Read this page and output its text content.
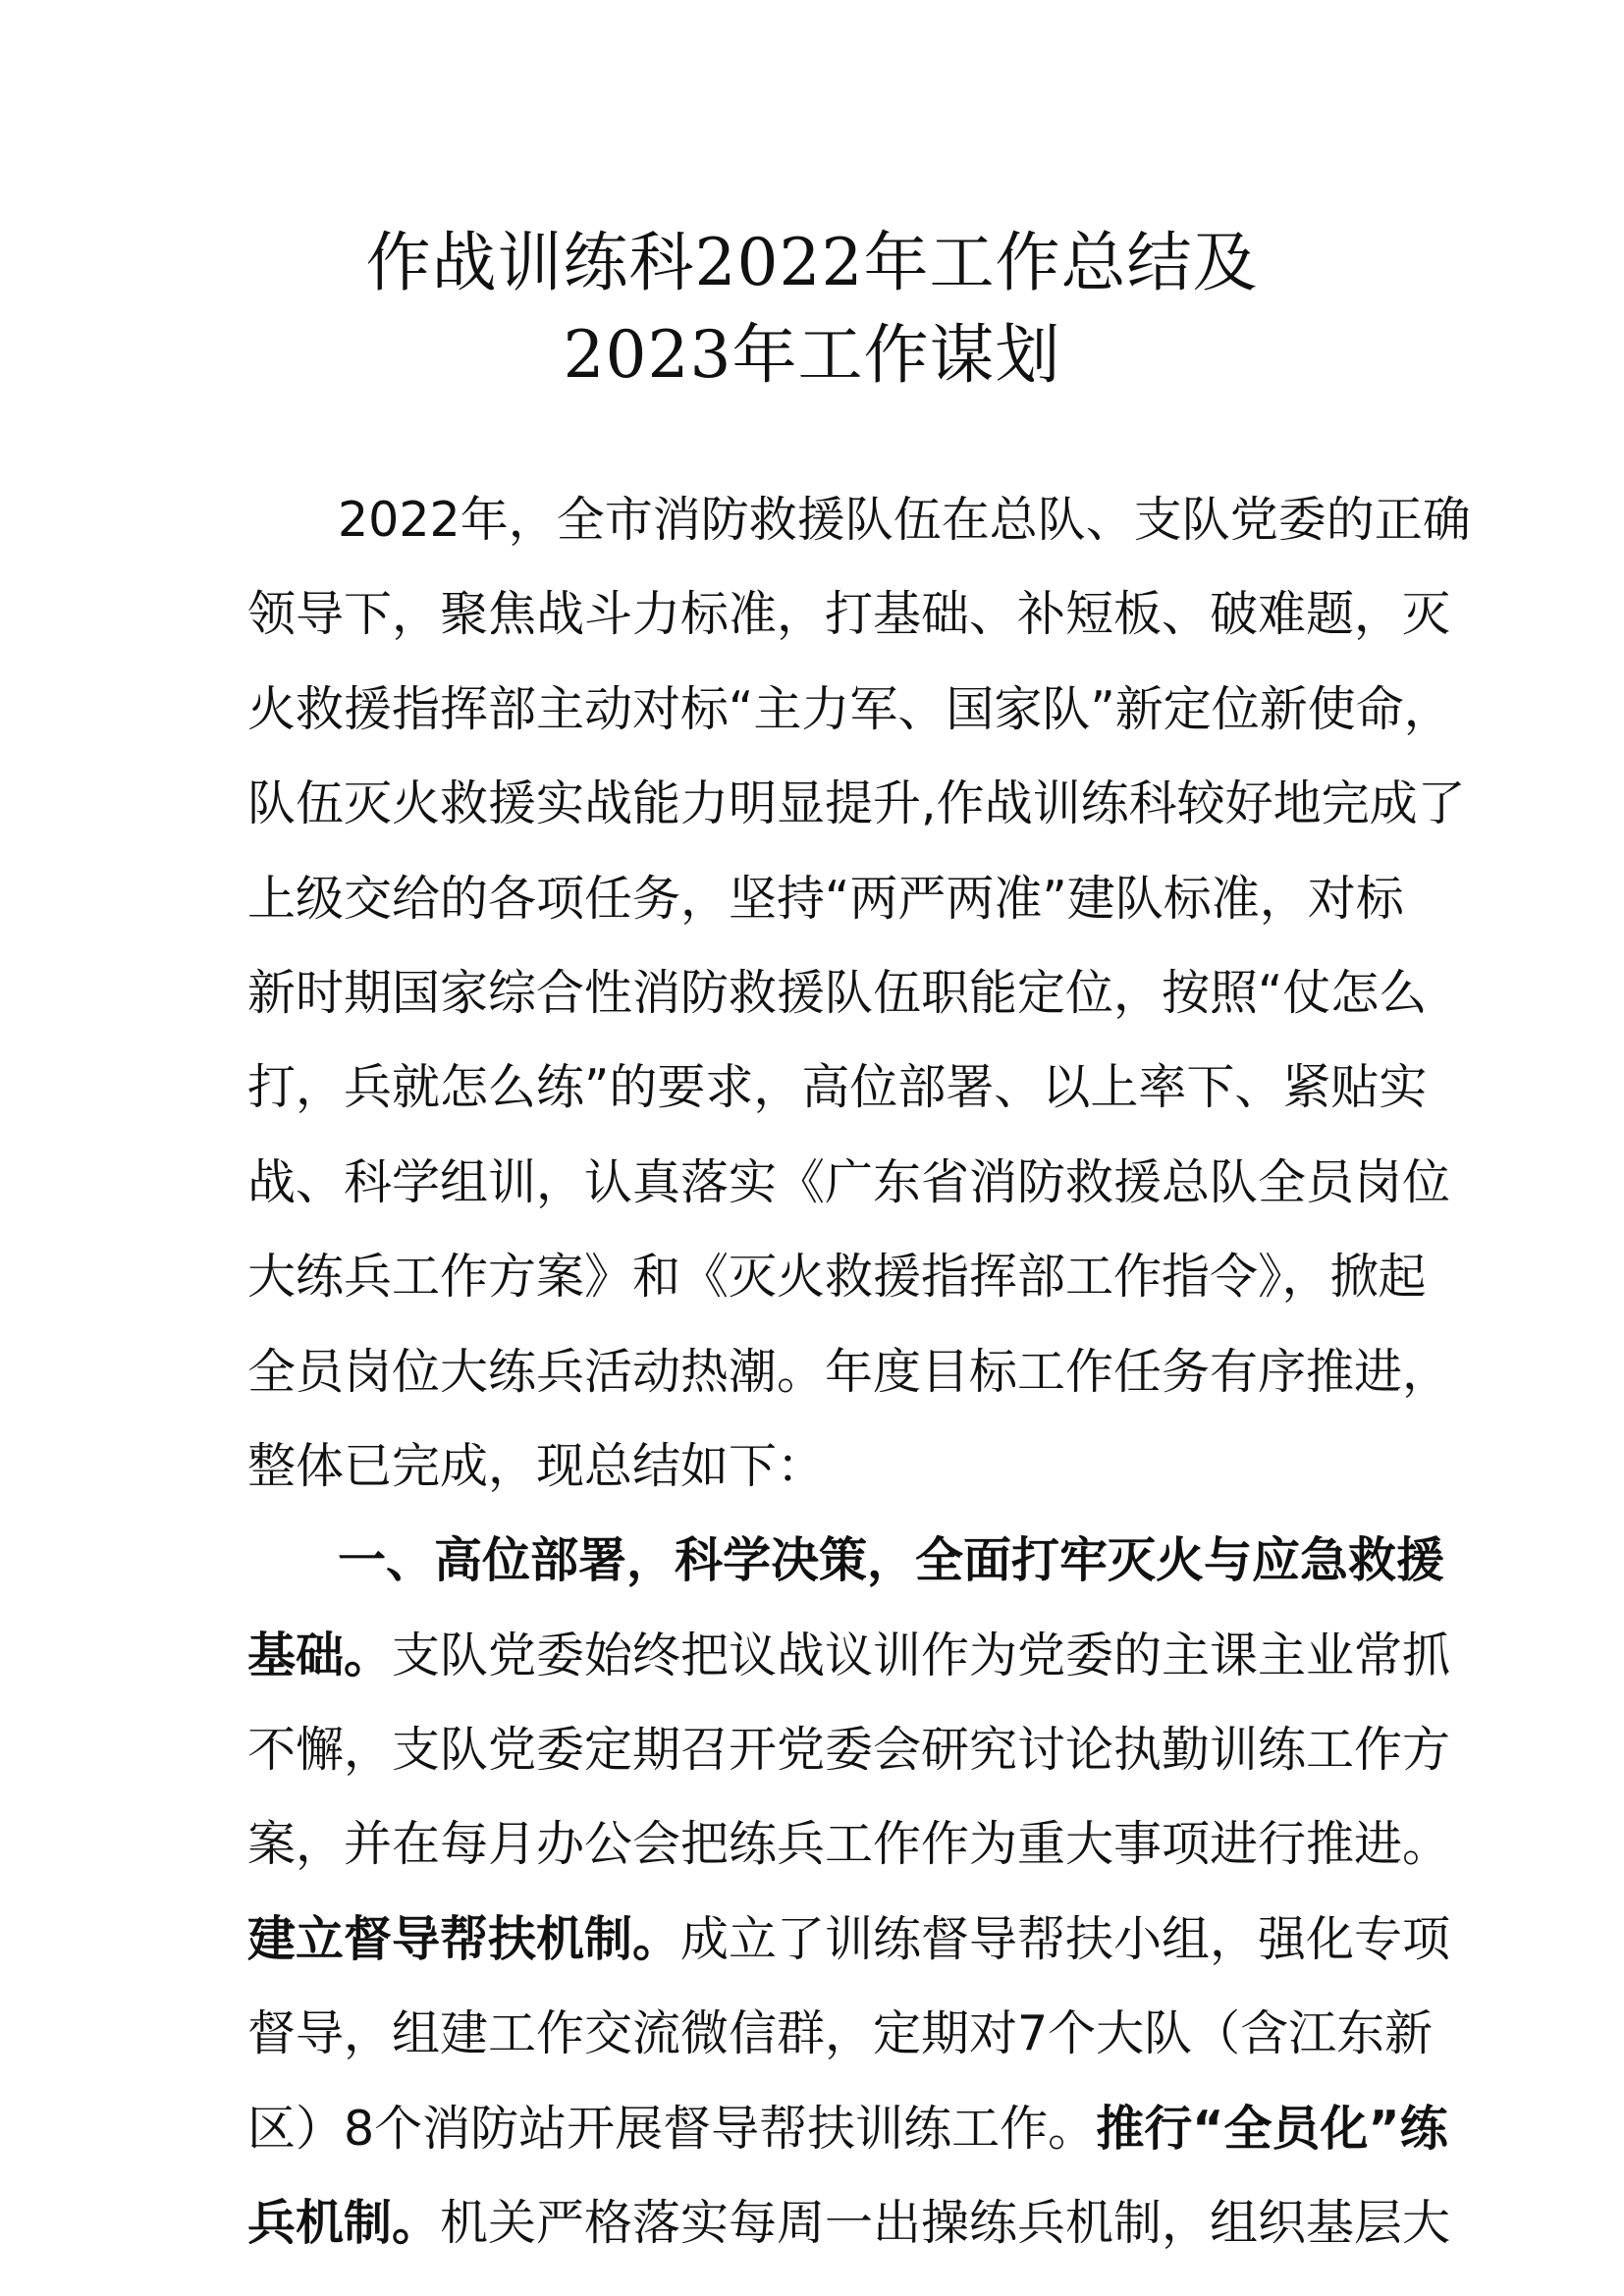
作战训练科2022年工作总结及
2023年工作谋划
2022年，全市消防救援队伍在总队、支队党委的正确
领导下，聚焦战斗力标准，打基础、补短板、破难题，灭
火救援指挥部主动对标“主力军、国家队”新定位新使命，
队伍灭火救援实战能力明显提升,作战训练科较好地完成了
上级交给的各项任务，坚持“两严两准”建队标准，对标
新时期国家综合性消防救援队伍职能定位，按照“仗怎么
打，兵就怎么练”的要求，高位部署、以上率下、紧贴实
战、科学组训，认真落实《广东省消防救援总队全员岗位
大练兵工作方案》和《灭火救援指挥部工作指令》，掀起
全员岗位大练兵活动热潮。年度目标工作任务有序推进，
整体已完成，现总结如下：
一、高位部署，科学决策，全面打牢灭火与应急救援
基础。支队党委始终把议战议训作为党委的主课主业常抓
不懈，支队党委定期召开党委会研究讨论执勤训练工作方
案，并在每月办公会把练兵工作作为重大事项进行推进。
建立督导帮扶机制。成立了训练督导帮扶小组，强化专项
督导，组建工作交流微信群，定期对7个大队（含江东新
区）8个消防站开展督导帮扶训练工作。推行“全员化”练
兵机制。机关严格落实每周一出操练兵机制，组织基层大
